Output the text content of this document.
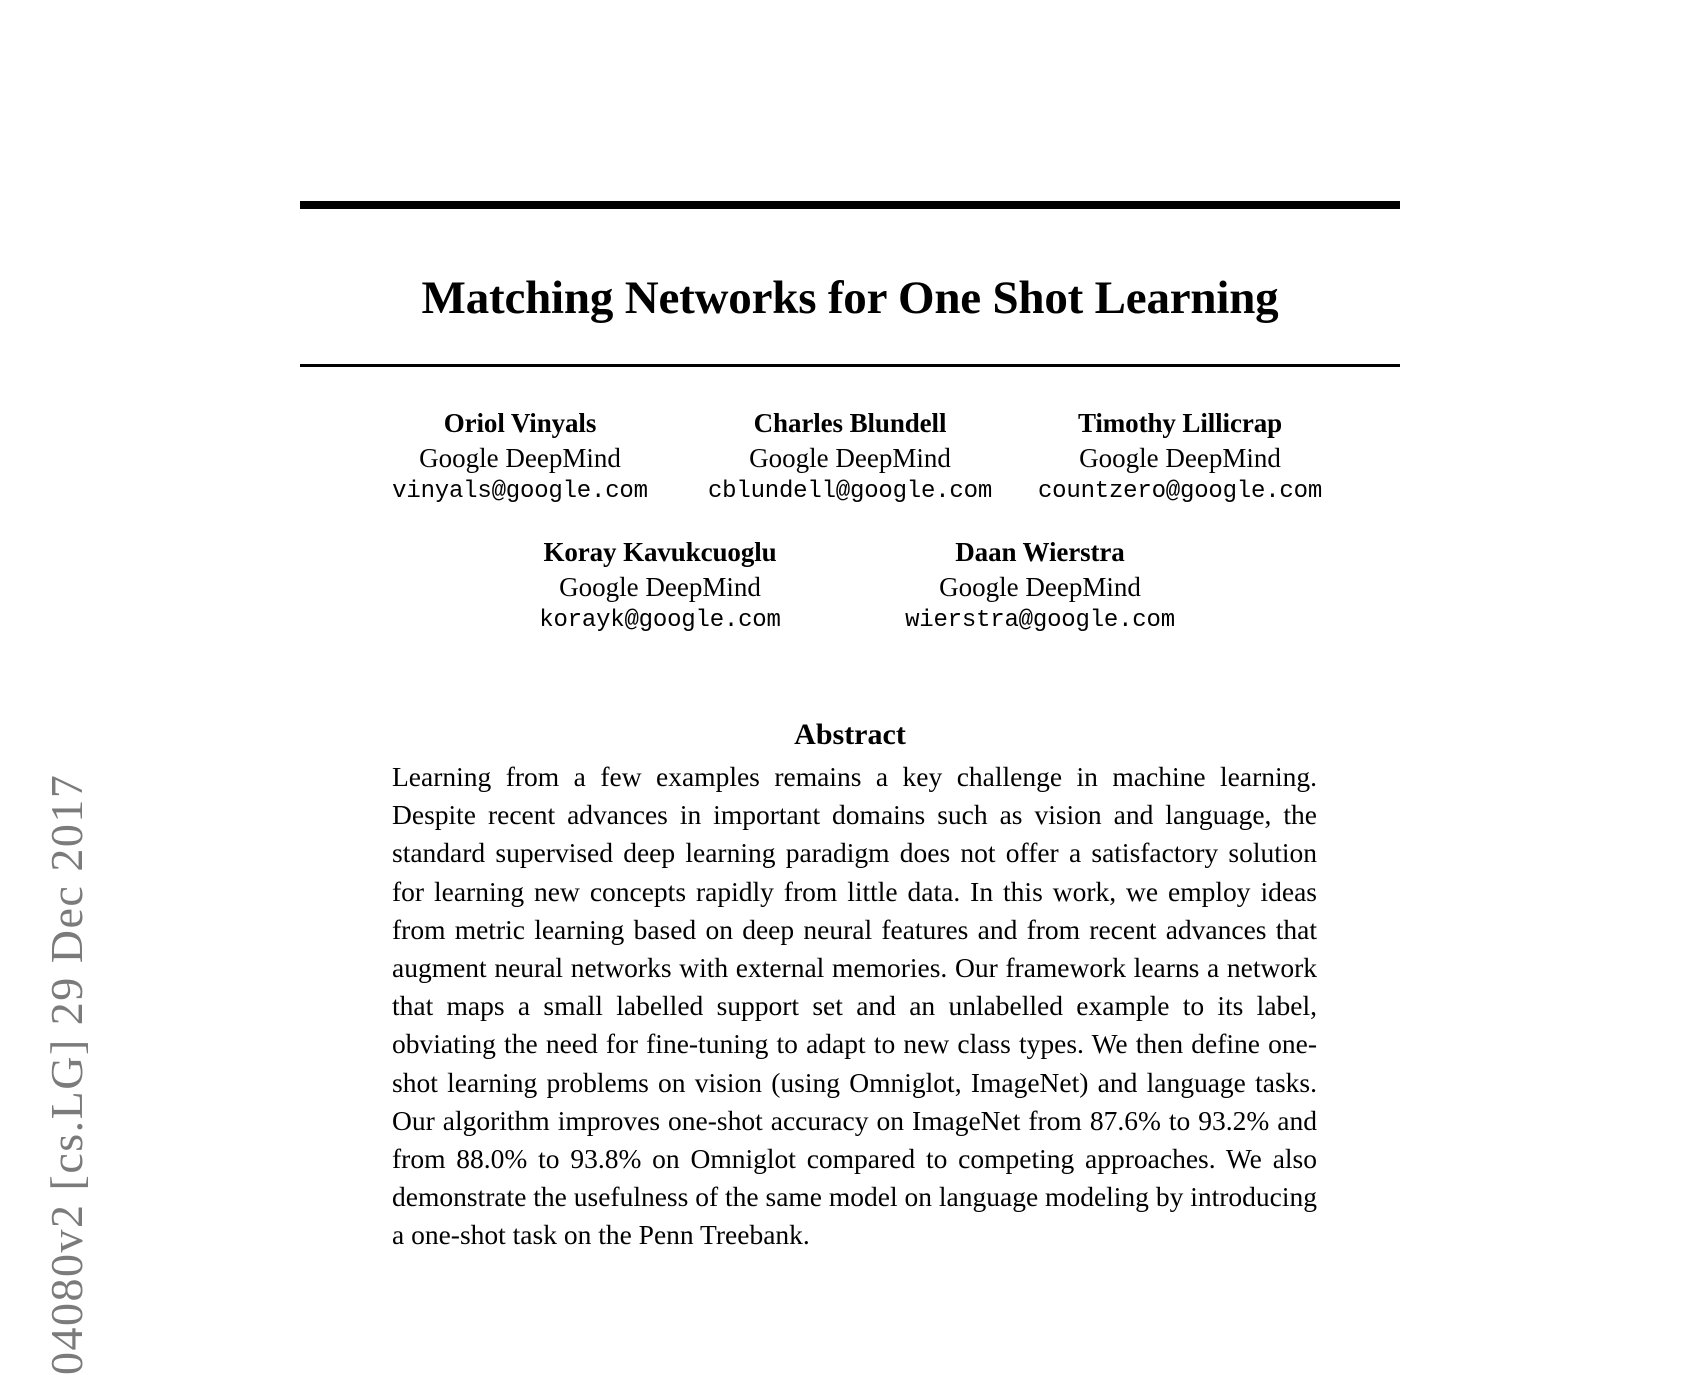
04080v2 [cs.LG] 29 Dec 2017
Matching Networks for One Shot Learning
Oriol Vinyals
Google DeepMind
vinyals@google.com
Charles Blundell
Google DeepMind
cblundell@google.com
Timothy Lillicrap
Google DeepMind
countzero@google.com
Koray Kavukcuoglu
Google DeepMind
korayk@google.com
Daan Wierstra
Google DeepMind
wierstra@google.com
Abstract

Learning from a few examples remains a key challenge in machine learning. Despite recent advances in important domains such as vision and language, the standard supervised deep learning paradigm does not offer a satisfactory solution for learning new concepts rapidly from little data. In this work, we employ ideas from metric learning based on deep neural features and from recent advances that augment neural networks with external memories. Our framework learns a network that maps a small labelled support set and an unlabelled example to its label, obviating the need for fine-tuning to adapt to new class types. We then define one-shot learning problems on vision (using Omniglot, ImageNet) and language tasks. Our algorithm improves one-shot accuracy on ImageNet from 87.6% to 93.2% and from 88.0% to 93.8% on Omniglot compared to competing approaches. We also demonstrate the usefulness of the same model on language modeling by introducing a one-shot task on the Penn Treebank.
